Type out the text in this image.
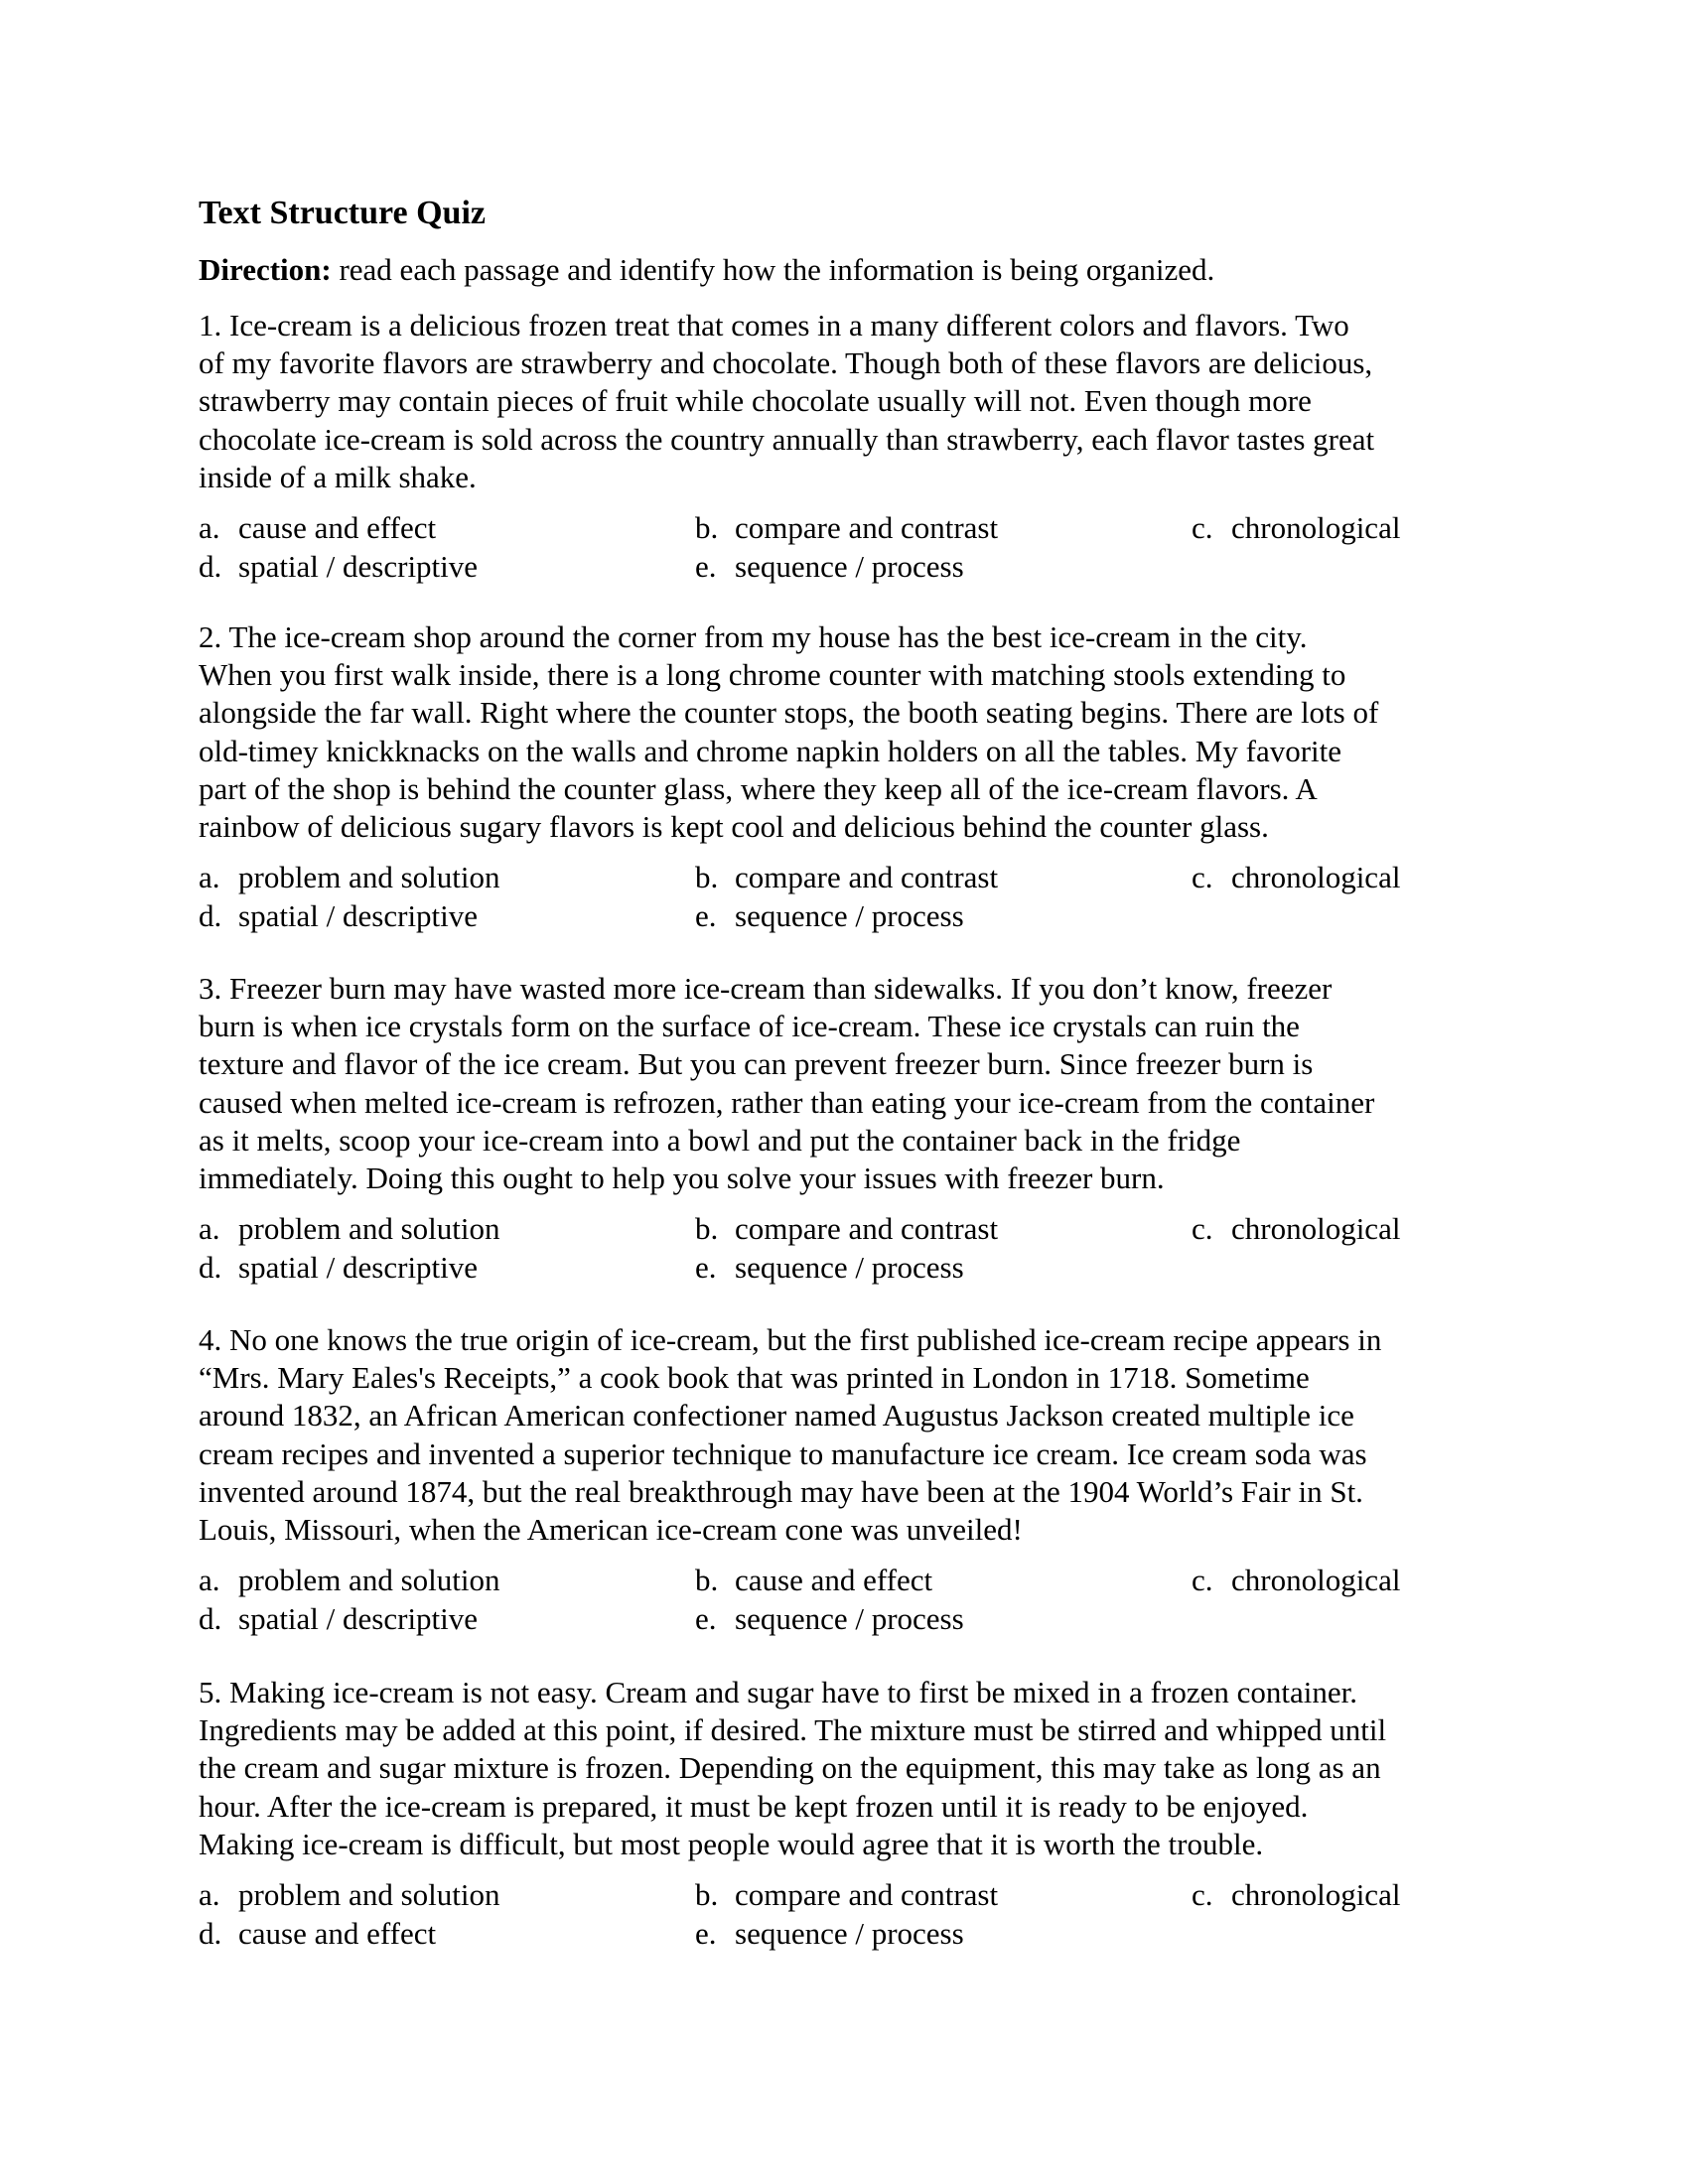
Text Structure Quiz
Direction: read each passage and identify how the information is being organized.

1. Ice-cream is a delicious frozen treat that comes in a many different colors and flavors. Two
of my favorite flavors are strawberry and chocolate. Though both of these flavors are delicious,
strawberry may contain pieces of fruit while chocolate usually will not. Even though more
chocolate ice-cream is sold across the country annually than strawberry, each flavor tastes great
inside of a milk shake.

a. cause and effect	b. compare and contrast	c. chronological
d. spatial / descriptive	e. sequence / process

2. The ice-cream shop around the corner from my house has the best ice-cream in the city.
When you first walk inside, there is a long chrome counter with matching stools extending to
alongside the far wall. Right where the counter stops, the booth seating begins. There are lots of
old-timey knickknacks on the walls and chrome napkin holders on all the tables. My favorite
part of the shop is behind the counter glass, where they keep all of the ice-cream flavors. A
rainbow of delicious sugary flavors is kept cool and delicious behind the counter glass.

a. problem and solution	b. compare and contrast	c. chronological
d. spatial / descriptive	e. sequence / process

3. Freezer burn may have wasted more ice-cream than sidewalks. If you don’t know, freezer
burn is when ice crystals form on the surface of ice-cream. These ice crystals can ruin the
texture and flavor of the ice cream. But you can prevent freezer burn. Since freezer burn is
caused when melted ice-cream is refrozen, rather than eating your ice-cream from the container
as it melts, scoop your ice-cream into a bowl and put the container back in the fridge
immediately. Doing this ought to help you solve your issues with freezer burn.

a. problem and solution	b. compare and contrast	c. chronological
d. spatial / descriptive	e. sequence / process

4. No one knows the true origin of ice-cream, but the first published ice-cream recipe appears in
“Mrs. Mary Eales's Receipts,” a cook book that was printed in London in 1718. Sometime
around 1832, an African American confectioner named Augustus Jackson created multiple ice
cream recipes and invented a superior technique to manufacture ice cream. Ice cream soda was
invented around 1874, but the real breakthrough may have been at the 1904 World’s Fair in St.
Louis, Missouri, when the American ice-cream cone was unveiled!

a. problem and solution	b. cause and effect	c. chronological
d. spatial / descriptive	e. sequence / process

5. Making ice-cream is not easy. Cream and sugar have to first be mixed in a frozen container.
Ingredients may be added at this point, if desired. The mixture must be stirred and whipped until
the cream and sugar mixture is frozen. Depending on the equipment, this may take as long as an
hour. After the ice-cream is prepared, it must be kept frozen until it is ready to be enjoyed.
Making ice-cream is difficult, but most people would agree that it is worth the trouble.

a. problem and solution	b. compare and contrast	c. chronological
d. cause and effect	e. sequence / process
